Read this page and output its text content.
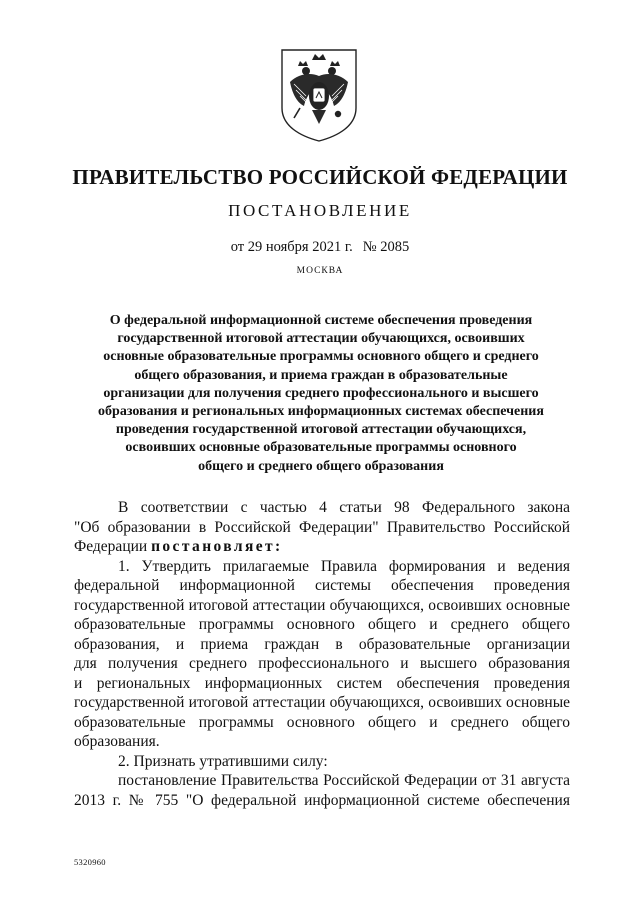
ПРАВИТЕЛЬСТВО РОССИЙСКОЙ ФЕДЕРАЦИИ
ПОСТАНОВЛЕНИЕ
от 29 ноября 2021 г. № 2085
МОСКВА
О федеральной информационной системе обеспечения проведения
государственной итоговой аттестации обучающихся, освоивших
основные образовательные программы основного общего и среднего
общего образования, и приема граждан в образовательные
организации для получения среднего профессионального и высшего
образования и региональных информационных системах обеспечения
проведения государственной итоговой аттестации обучающихся,
освоивших основные образовательные программы основного
общего и среднего общего образования
В соответствии с частью 4 статьи 98 Федерального закона
"Об образовании в Российской Федерации" Правительство Российской
Федерации постановляет:
1. Утвердить прилагаемые Правила формирования и ведения
федеральной информационной системы обеспечения проведения
государственной итоговой аттестации обучающихся, освоивших основные
образовательные программы основного общего и среднего общего
образования, и приема граждан в образовательные организации
для получения среднего профессионального и высшего образования
и региональных информационных систем обеспечения проведения
государственной итоговой аттестации обучающихся, освоивших основные
образовательные программы основного общего и среднего общего
образования.
2. Признать утратившими силу:
постановление Правительства Российской Федерации от 31 августа
2013 г. № 755 "О федеральной информационной системе обеспечения
5320960
